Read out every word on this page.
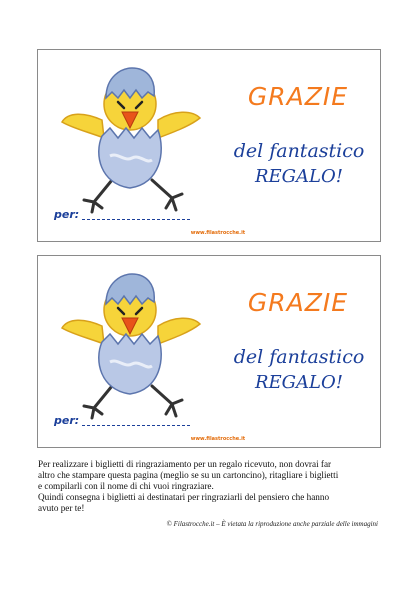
GRAZIE
del fantastico
REGALO!
per:
www.filastrocche.it
GRAZIE
del fantastico
REGALO!
per:
www.filastrocche.it

Per realizzare i biglietti di ringraziamento per un regalo ricevuto, non dovrai far

altro che stampare questa pagina (meglio se su un cartoncino), ritagliare i biglietti

e compilarli con il nome di chi vuoi ringraziare.

Quindi consegna i biglietti ai destinatari per ringraziarli del pensiero che hanno

avuto per te!

© Filastrocche.it – È vietata la riproduzione anche parziale delle immagini
